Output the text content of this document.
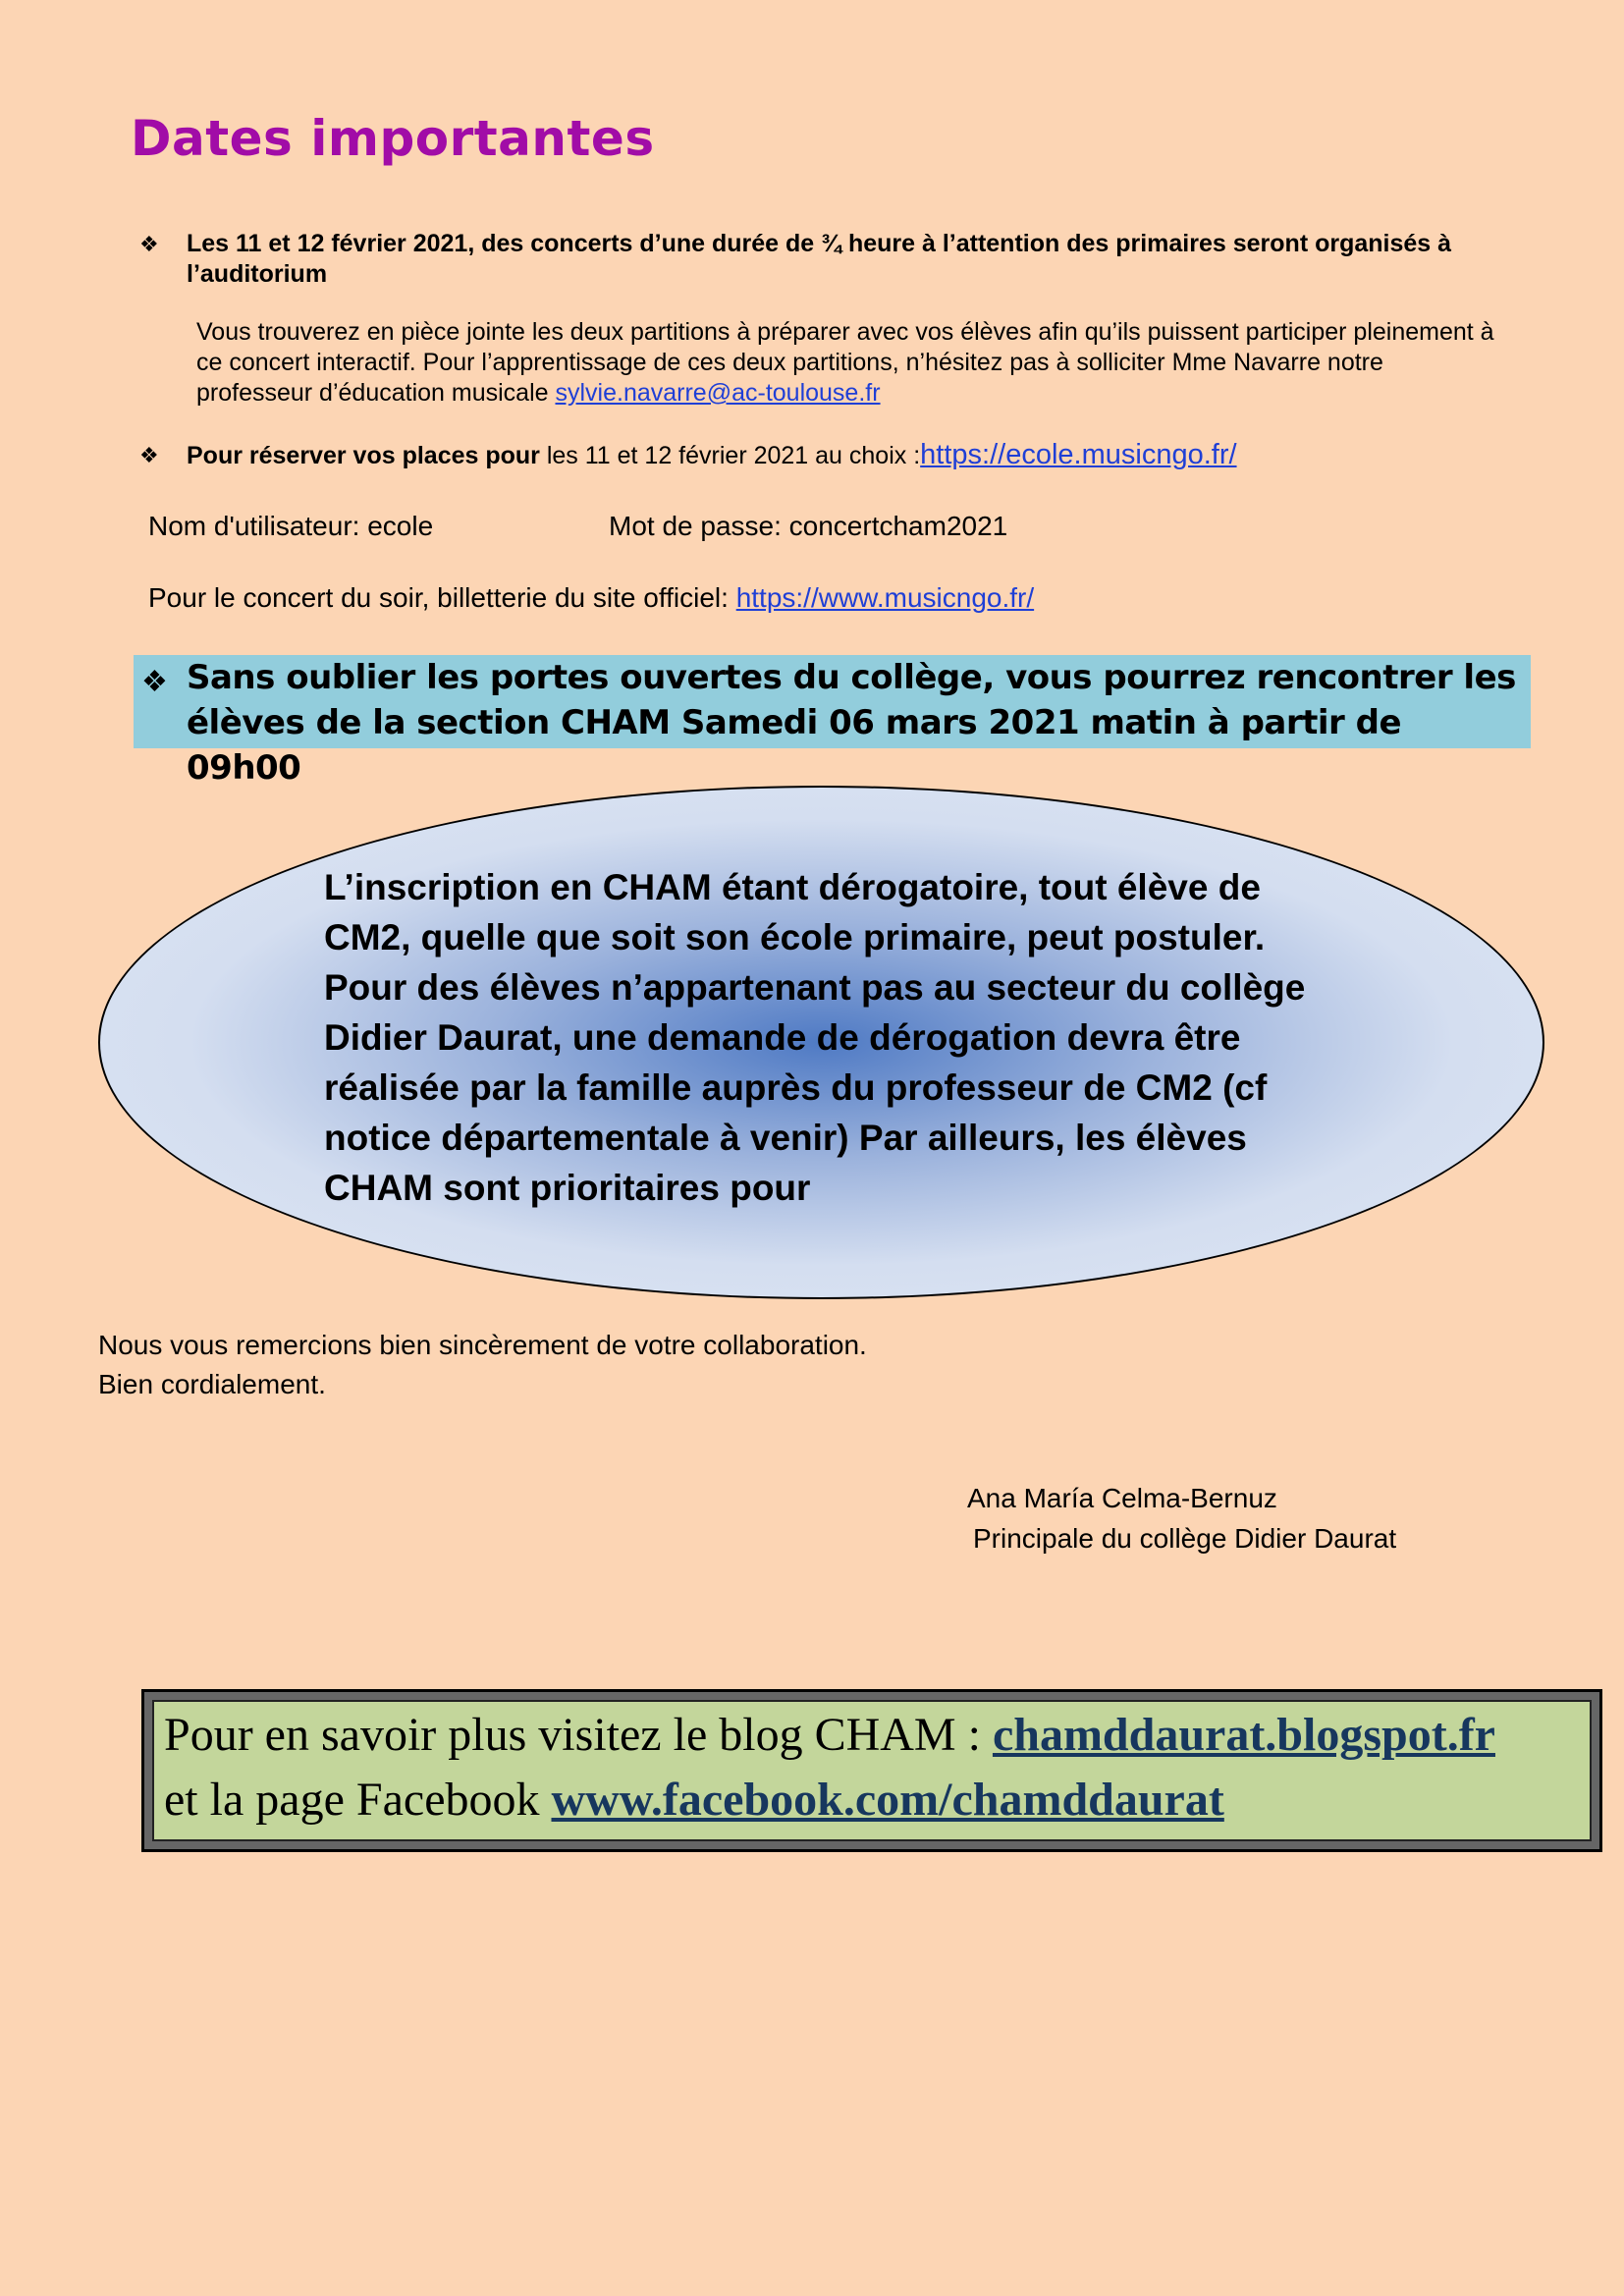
Dates importantes
❖ Les 11 et 12 février 2021, des concerts d’une durée de ¾ heure à l’attention des primaires seront organisés à l’auditorium
Vous trouverez en pièce jointe les deux partitions à préparer avec vos élèves afin qu’ils puissent participer pleinement à ce concert interactif. Pour l’apprentissage de ces deux partitions, n’hésitez pas à solliciter Mme Navarre notre professeur d’éducation musicale sylvie.navarre@ac-toulouse.fr
❖ Pour réserver vos places pour les 11 et 12 février 2021 au choix :https://ecole.musicngo.fr/
Nom d'utilisateur: ecole	Mot de passe: concertcham2021
Pour le concert du soir, billetterie du site officiel: https://www.musicngo.fr/
❖ Sans oublier les portes ouvertes du collège, vous pourrez rencontrer les élèves de la section CHAM Samedi 06 mars 2021 matin à partir de 09h00
L’inscription en CHAM étant dérogatoire, tout élève de CM2, quelle que soit son école primaire, peut postuler. Pour des élèves n’appartenant pas au secteur du collège Didier Daurat, une demande de dérogation devra être réalisée par la famille auprès du professeur de CM2 (cf notice départementale à venir) Par ailleurs, les élèves CHAM sont prioritaires pour
Nous vous remercions bien sincèrement de votre collaboration.
Bien cordialement.
Ana María Celma-Bernuz
Principale du collège Didier Daurat
Pour en savoir plus visitez le blog CHAM : chamddaurat.blogspot.fr
et la page Facebook www.facebook.com/chamddaurat
